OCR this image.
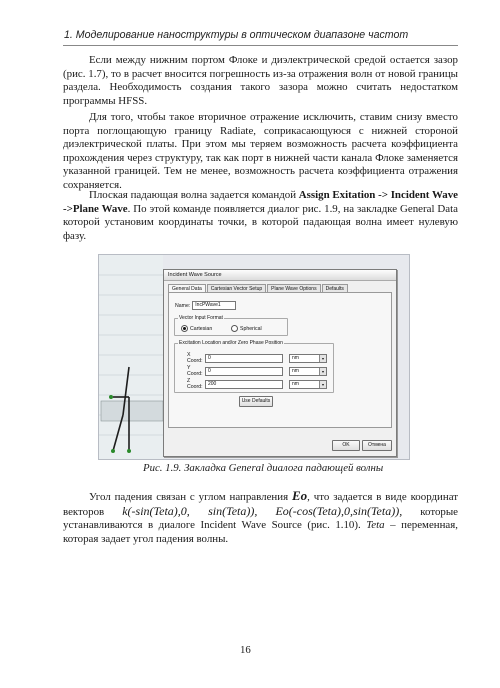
1. Моделирование наноструктуры в оптическом диапазоне частот

Если между нижним портом Флоке и диэлектрической средой остается зазор (рис. 1.7), то в расчет вносится погрешность из-за отражения волн от новой границы раздела. Необходимость создания такого зазора можно считать недостатком программы HFSS.

Для того, чтобы такое вторичное отражение исключить, ставим снизу вместо порта поглощающую границу Radiate, соприкасающуюся с нижней стороной диэлектрической платы. При этом мы теряем возможность расчета коэффициента прохождения через структуру, так как порт в нижней части канала Флоке заменяется указанной границей. Тем не менее, возможность расчета коэффициента отражения сохраняется.

Плоская падающая волна задается командой Assign Exitation -> Incident Wave ->Plane Wave. По этой команде появляется диалог рис. 1.9, на закладке General Data которой установим координаты точки, в которой падающая волна имеет нулевую фазу.

Incident Wave Source
General Data	Cartesian Vector Setup	Plane Wave Options	Defaults
Name:	IncPWave1
Vector Input Format
Cartesian	Spherical
Excitation Location and/or Zero Phase Position
X Coord:
0	nm	▾
Y Coord:
0	nm	▾
Z Coord:
200	nm	▾
Use Defaults
OK	Отмена
Рис. 1.9. Закладка General диалога падающей волны

Угол падения связан с углом направления Eo, что задается в виде координат векторов k(-sin(Teta),0, sin(Teta)), Eo(-cos(Teta),0,sin(Teta)), которые устанавливаются в диалоге Incident Wave Source (рис. 1.10). Teta – переменная, которая задает угол падения волны.

16
